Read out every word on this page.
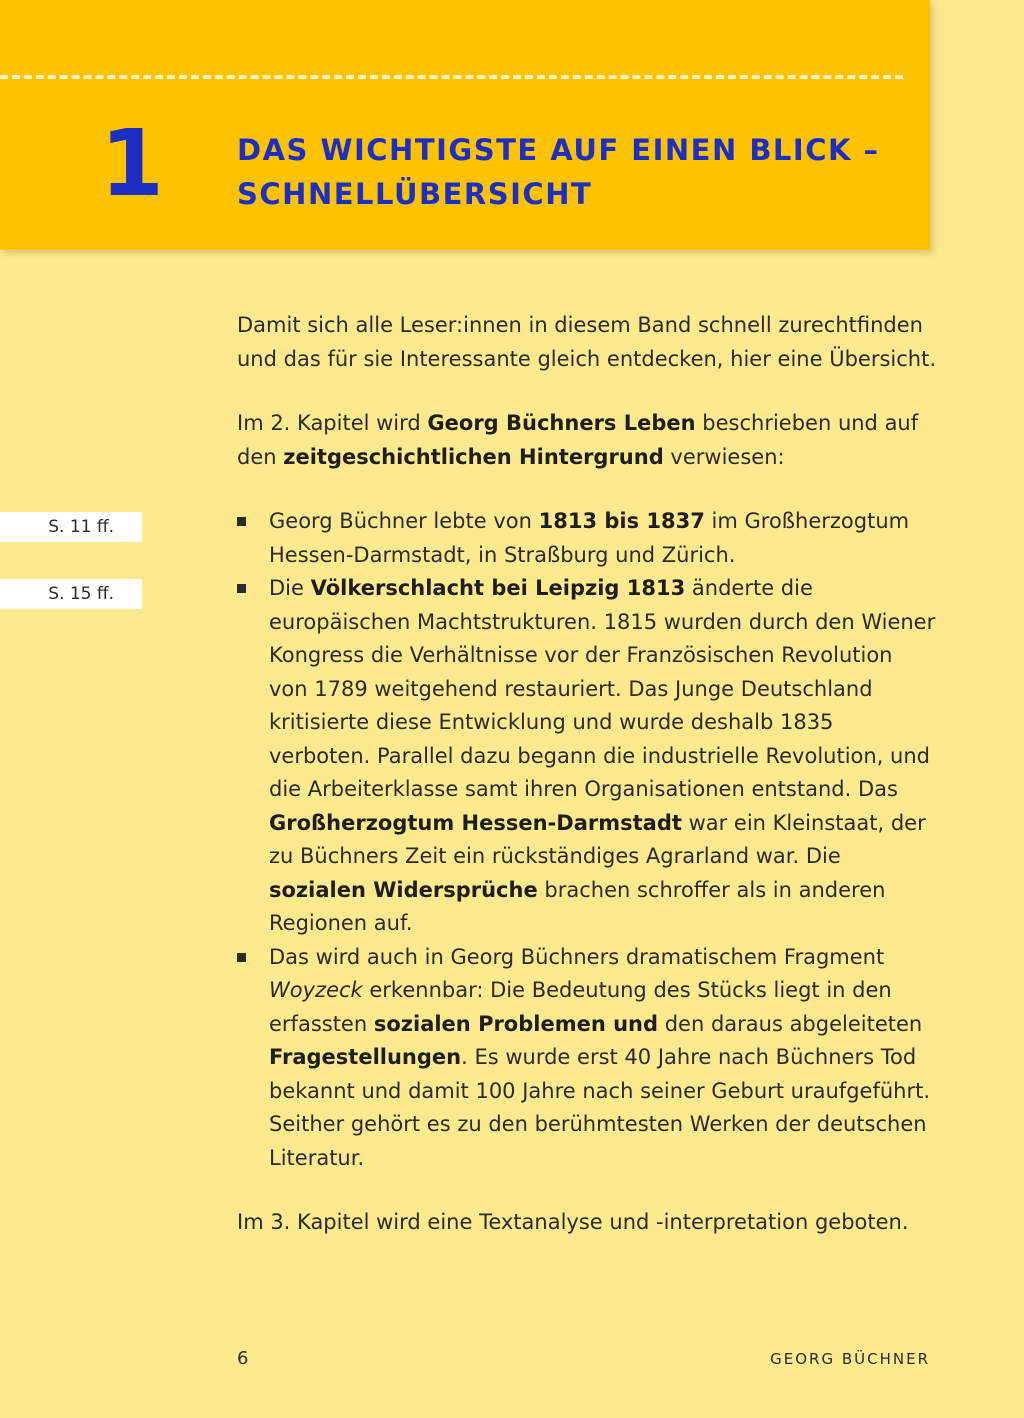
1	DAS WICHTIGSTE AUF EINEN BLICK –
SCHNELLÜBERSICHT
S. 11 ff.
S. 15 ff.

Damit sich alle Leser:innen in diesem Band schnell zurechtfinden und das für sie Interessante gleich entdecken, hier eine Übersicht.

Im 2. Kapitel wird Georg Büchners Leben beschrieben und auf den zeitgeschichtlichen Hintergrund verwiesen:

Georg Büchner lebte von 1813 bis 1837 im Großherzogtum Hessen-Darmstadt, in Straßburg und Zürich.
Die Völkerschlacht bei Leipzig 1813 änderte die europäischen Machtstrukturen. 1815 wurden durch den Wiener Kongress die Verhältnisse vor der Französischen Revolution von 1789 weitgehend restauriert. Das Junge Deutschland kritisierte diese Entwicklung und wurde deshalb 1835 verboten. Parallel dazu begann die industrielle Revolution, und die Arbeiterklasse samt ihren Organisationen entstand. Das Großherzogtum Hessen-Darmstadt war ein Kleinstaat, der zu Büchners Zeit ein rückständiges Agrarland war. Die sozialen Widersprüche brachen schroffer als in anderen Regionen auf.
Das wird auch in Georg Büchners dramatischem Fragment Woyzeck erkennbar: Die Bedeutung des Stücks liegt in den erfassten sozialen Problemen und den daraus abgeleiteten Fragestellungen. Es wurde erst 40 Jahre nach Büchners Tod bekannt und damit 100 Jahre nach seiner Geburt uraufgeführt. Seither gehört es zu den berühmtesten Werken der deutschen Literatur.

Im 3. Kapitel wird eine Textanalyse und -interpretation geboten.

6	GEORG BÜCHNER
